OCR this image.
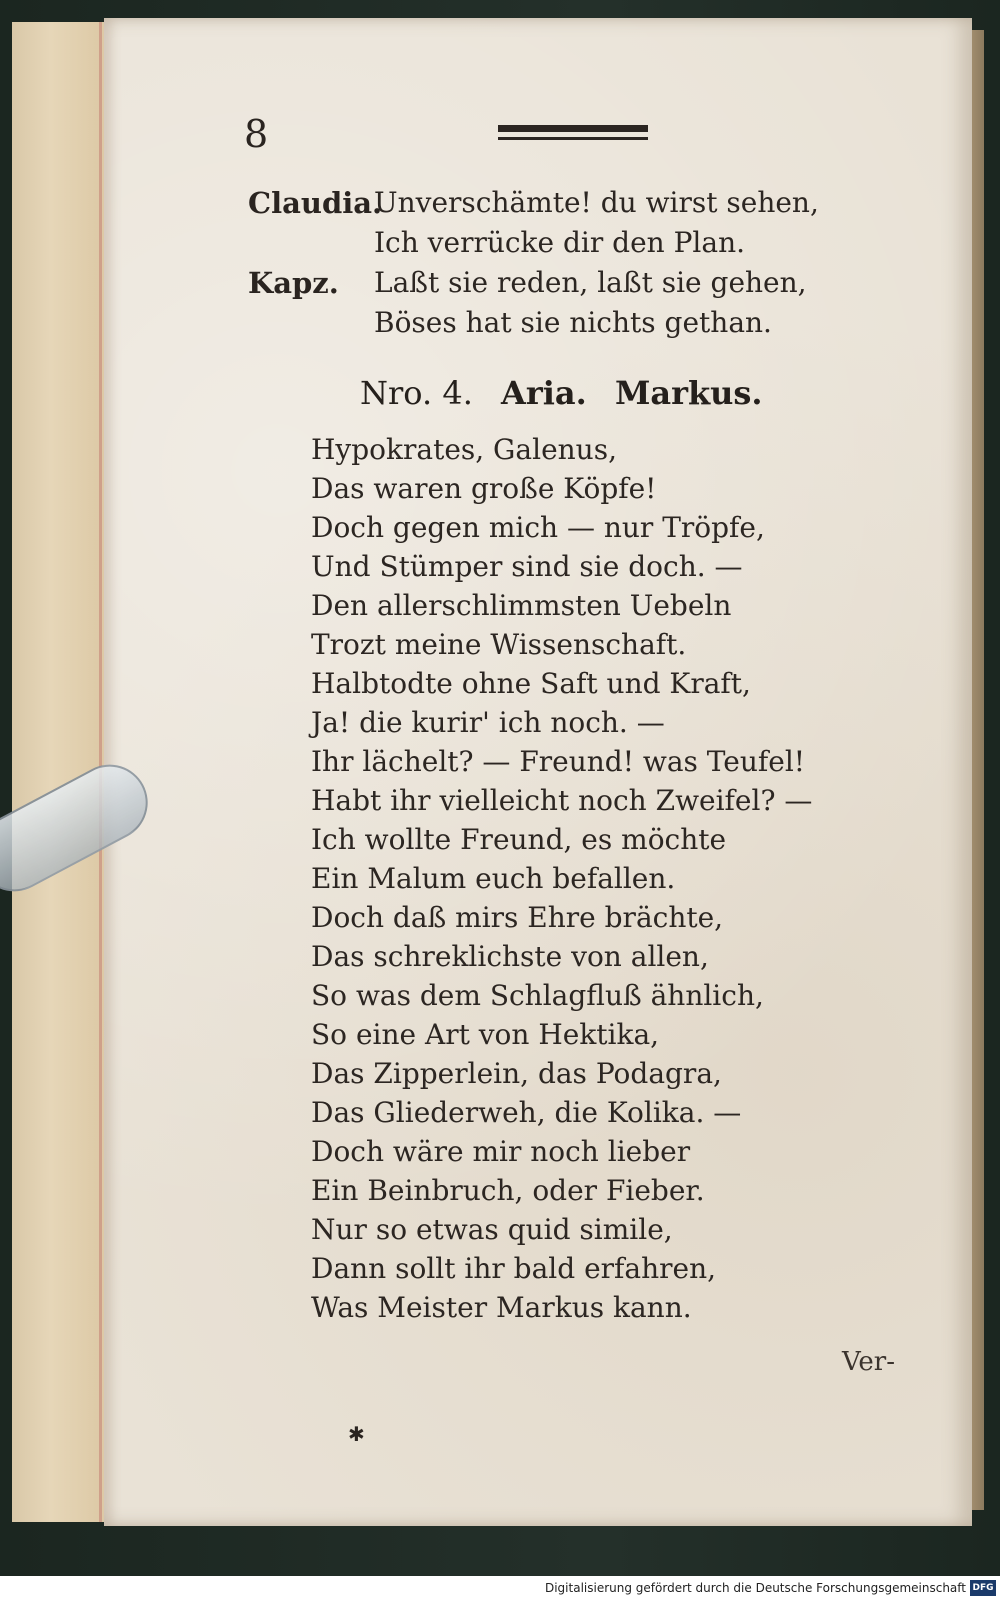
8
Claudia.
Unverschämte! du wirst sehen,
Ich verrücke dir den Plan.
Kapz. Laßt sie reden, laßt sie gehen,
Böses hat sie nichts gethan.
Nro. 4. Aria. Markus.
Hypokrates, Galenus,
Das waren große Köpfe!
Doch gegen mich — nur Tröpfe,
Und Stümper sind sie doch. —
Den allerschlimmsten Uebeln
Trozt meine Wissenschaft.
Halbtodte ohne Saft und Kraft,
Ja! die kurir' ich noch. —
Ihr lächelt? — Freund! was Teufel!
Habt ihr vielleicht noch Zweifel? —
Ich wollte Freund, es möchte
Ein Malum euch befallen.
Doch daß mirs Ehre brächte,
Das schreklichste von allen,
So was dem Schlagfluß ähnlich,
So eine Art von Hektika,
Das Zipperlein, das Podagra,
Das Gliederweh, die Kolika. —
Doch wäre mir noch lieber
Ein Beinbruch, oder Fieber.
Nur so etwas quid simile,
Dann sollt ihr bald erfahren,
Was Meister Markus kann.
Ver-
✱
Digitalisierung gefördert durch die Deutsche Forschungsgemeinschaft DFG
